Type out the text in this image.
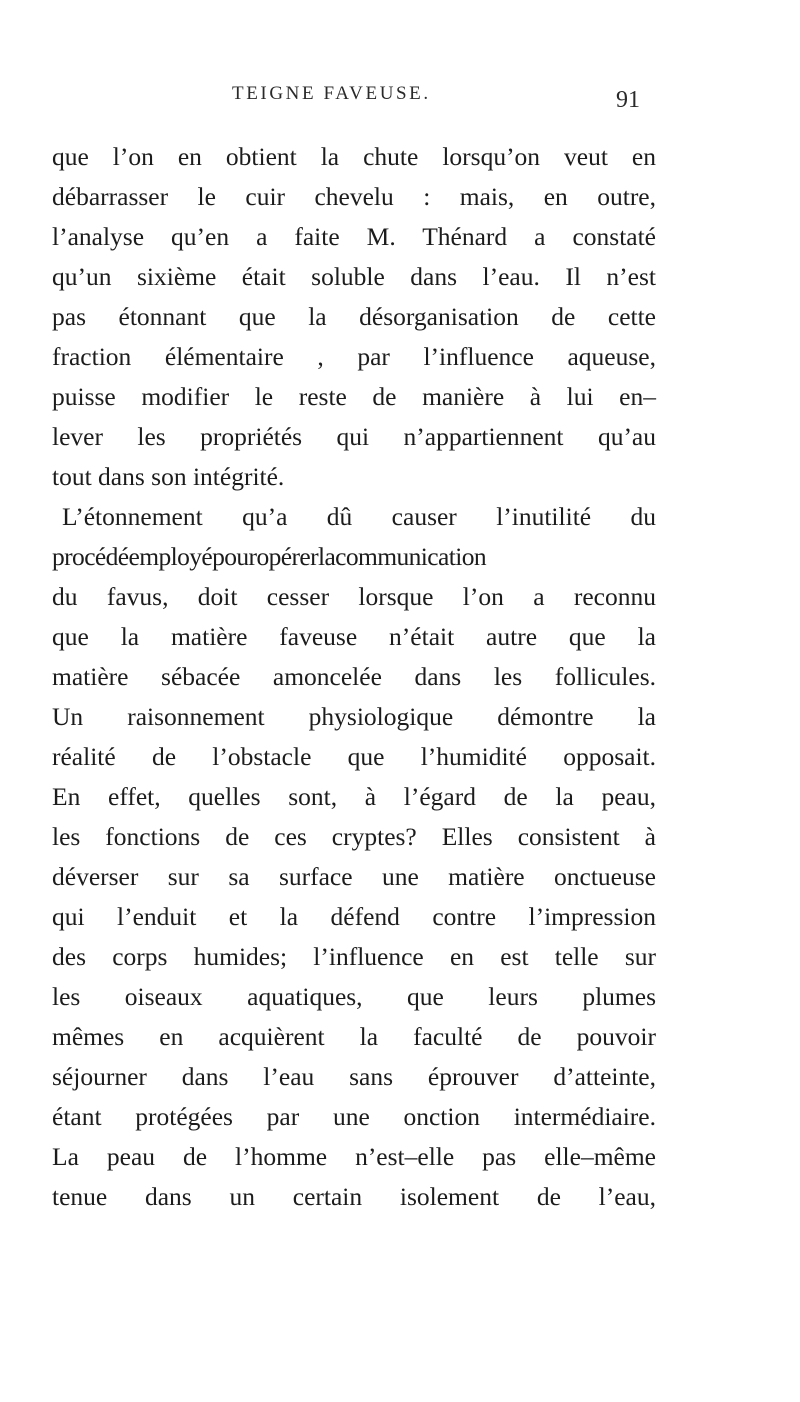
TEIGNE FAVEUSE.	91
que l’on en obtient la chute lorsqu’on veut en
débarrasser le cuir chevelu : mais, en outre,
l’analyse qu’en a faite M. Thénard a constaté
qu’un sixième était soluble dans l’eau. Il n’est
pas étonnant que la désorganisation de cette
fraction élémentaire , par l’influence aqueuse,
puisse modifier le reste de manière à lui en–
lever les propriétés qui n’appartiennent qu’au
tout dans son intégrité.
L’étonnement qu’a dû causer l’inutilité du
procédéemployépouropérerlacommunication
du favus, doit cesser lorsque l’on a reconnu
que la matière faveuse n’était autre que la
matière sébacée amoncelée dans les follicules.
Un raisonnement physiologique démontre la
réalité de l’obstacle que l’humidité opposait.
En effet, quelles sont, à l’égard de la peau,
les fonctions de ces cryptes? Elles consistent à
déverser sur sa surface une matière onctueuse
qui l’enduit et la défend contre l’impression
des corps humides; l’influence en est telle sur
les oiseaux aquatiques, que leurs plumes
mêmes en acquièrent la faculté de pouvoir
séjourner dans l’eau sans éprouver d’atteinte,
étant protégées par une onction intermédiaire.
La peau de l’homme n’est–elle pas elle–même
tenue dans un certain isolement de l’eau,
